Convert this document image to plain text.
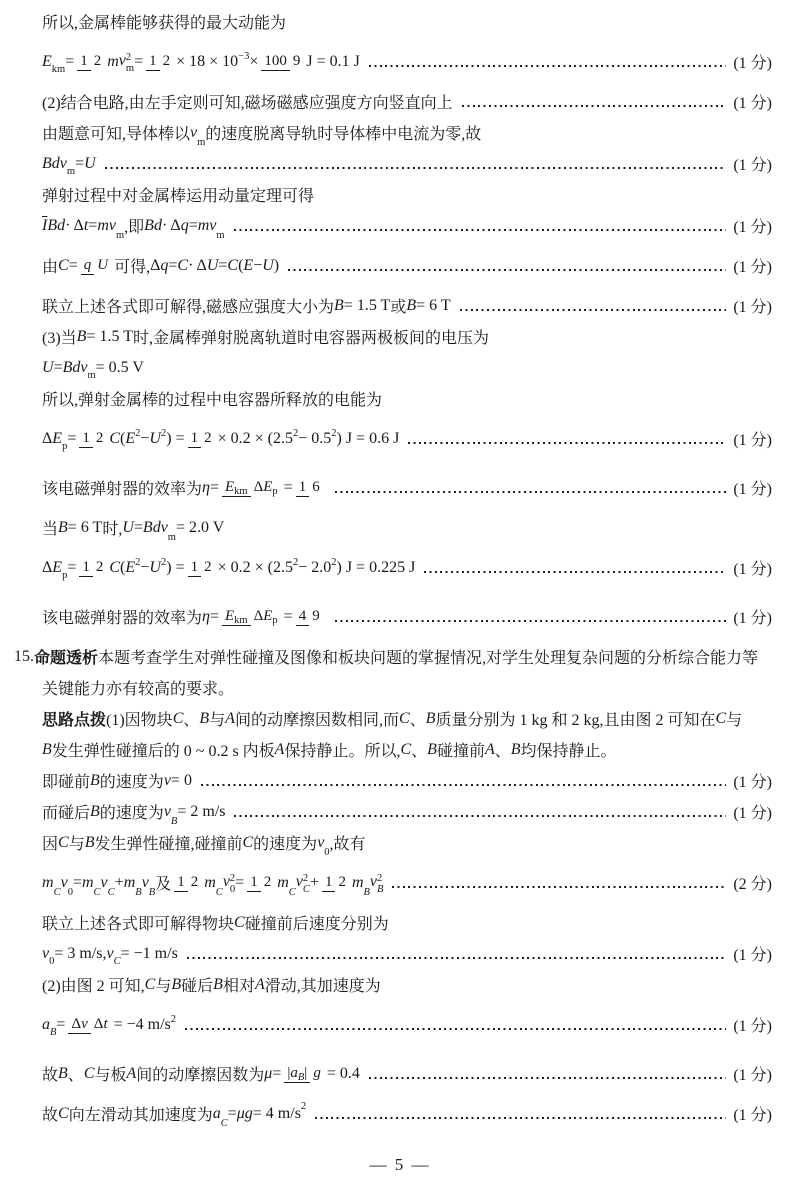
所以,金属棒能够获得的最大动能为
E km = 1 2 m v 2
m = 1 2 × 18 × 10 −3 × 100 9 J = 0.1 J	(1 分)
(2)结合电路,由左手定则可知,磁场磁感应强度方向竖直向上	(1 分)
由题意可知,导体棒以 v
m 的速度脱离导轨时导体棒中电流为零,故
Bdv m = U	(1 分)
弹射过程中对金属棒运用动量定理可得
$\overline{I}$ Bd · Δ t = mv
m ,即 Bd · Δ q = mv
m	(1 分)
由 C = q U 可得, Δ q = C · Δ U = C ( E − U )	(1 分)
联立上述各式即可解得,磁感应强度大小为 B = 1.5 T 或 B = 6 T	(1 分)
(3)当 B = 1.5 T 时,金属棒弹射脱离轨道时电容器两极板间的电压为
U = Bdv m = 0.5 V
所以,弹射金属棒的过程中电容器所释放的电能为
Δ E p = 1 2 C ( E 2 − U 2 ) = 1 2 × 0.2 × (2.5 2 − 0.5 2 ) J = 0.6 J	(1 分)
该电磁弹射器的效率为 η = E km Δ E p = 1 6	(1 分)
当 B = 6 T 时, U = Bdv
m
= 2.0 V
Δ E p = 1 2 C ( E 2 − U 2 ) = 1 2 × 0.2 × (2.5 2 − 2.0 2 ) J = 0.225 J	(1 分)
该电磁弹射器的效率为 η = E km Δ E p = 4 9	(1 分)
15. 命题透析 本题考查学生对弹性碰撞及图像和板块问题的掌握情况,对学生处理复杂问题的分析综合能力等
关键能力亦有较高的要求。
思路点拨 (1)因物块 C 、 B 与 A 间的动摩擦因数相同,而 C 、 B 质量分别为 1 kg 和 2 kg,且由图 2 可知在 C 与
B 发生弹性碰撞后的 0 ~ 0.2 s 内板 A 保持静止。所以, C 、 B 碰撞前 A 、 B 均保持静止。
即碰前 B 的速度为 v = 0	(1 分)
而碰后 B 的速度为 v
B
= 2 m/s	(1 分)
因 C 与 B 发生弹性碰撞,碰撞前 C 的速度为 v
0 ,故有
m
C
v
0
= m
C
v
C
+ m
B
v
B 及 1 2 m
C
v 2
0 = 1 2 m
C
v 2
C + 1 2 m
B
v 2
B	(2 分)
联立上述各式即可解得物块 C 碰撞前后速度分别为
v 0 = 3 m/s, v C = −1 m/s	(1 分)
(2)由图 2 可知, C 与 B 碰后 B 相对 A 滑动,其加速度为
a B = Δ v Δ t = −4 m/s 2	(1 分)
故 B 、 C 与板 A 间的动摩擦因数为 μ = | a B | g = 0.4	(1 分)
故 C 向左滑动其加速度为 a
C
= μg = 4 m/s 2
(1 分)
— 5 —
